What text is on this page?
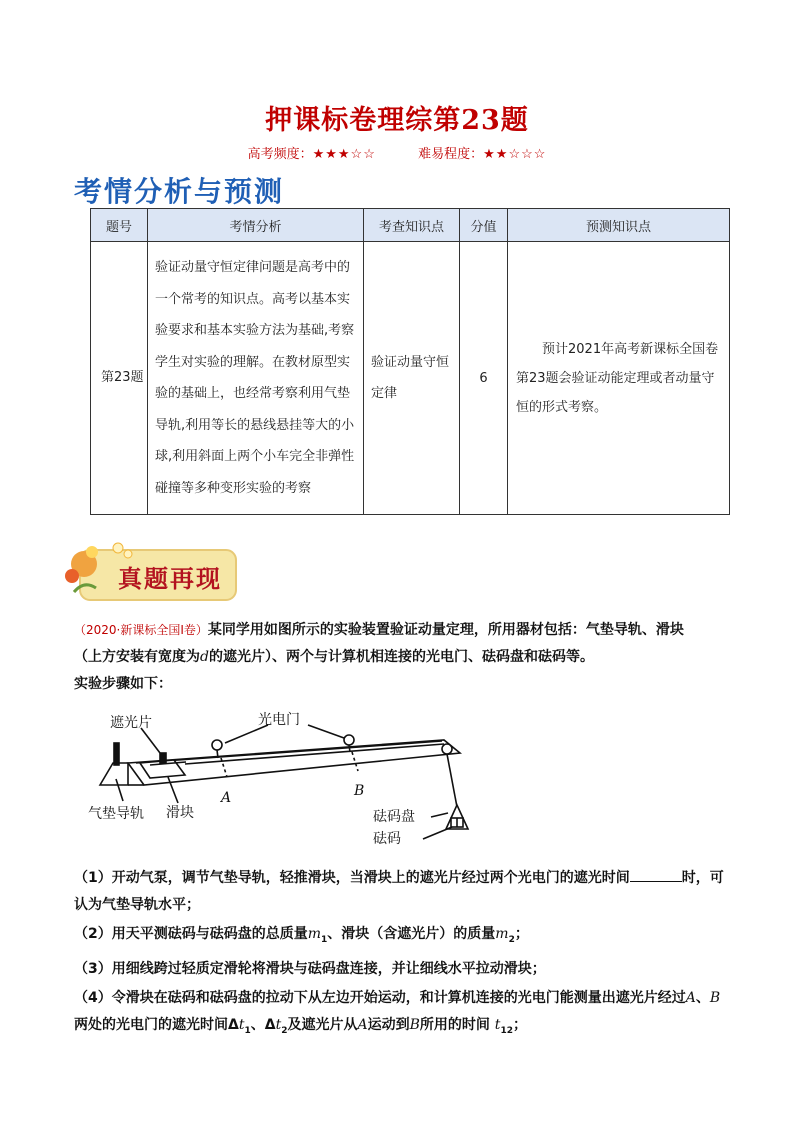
押课标卷理综第23题
高考频度：★★★☆☆	难易程度：★★☆☆☆
考情分析与预测
题号	考情分析	考查知识点	分值	预测知识点
第23题	验证动量守恒定律问题是高考中的一个常考的知识点。高考以基本实验要求和基本实验方法为基础,考察学生对实验的理解。在教材原型实验的基础上，也经常考察利用气垫导轨,利用等长的悬线悬挂等大的小球,利用斜面上两个小车完全非弹性碰撞等多种变形实验的考察	验证动量守恒定律	6	预计2021年高考新课标全国卷第23题会验证动能定理或者动量守恒的形式考察。
真题再现
（2020·新课标全国Ⅰ卷）某同学用如图所示的实验装置验证动量定理，所用器材包括：气垫导轨、滑块
（上方安装有宽度为d的遮光片）、两个与计算机相连接的光电门、砝码盘和砝码等。
实验步骤如下：
遮光片	光电门
气垫导轨 滑块
A	B
砝码盘
砝码
（1）开动气泵，调节气垫导轨，轻推滑块，当滑块上的遮光片经过两个光电门的遮光时间	时，可
认为气垫导轨水平；
（2）用天平测砝码与砝码盘的总质量$m_1$、滑块（含遮光片）的质量$m_2$；
（3）用细线跨过轻质定滑轮将滑块与砝码盘连接，并让细线水平拉动滑块；
（4）令滑块在砝码和砝码盘的拉动下从左边开始运动，和计算机连接的光电门能测量出遮光片经过A、B
两处的光电门的遮光时间$\Delta t_1$、$\Delta t_2$及遮光片从A运动到B所用的时间 $t_{12}$；
